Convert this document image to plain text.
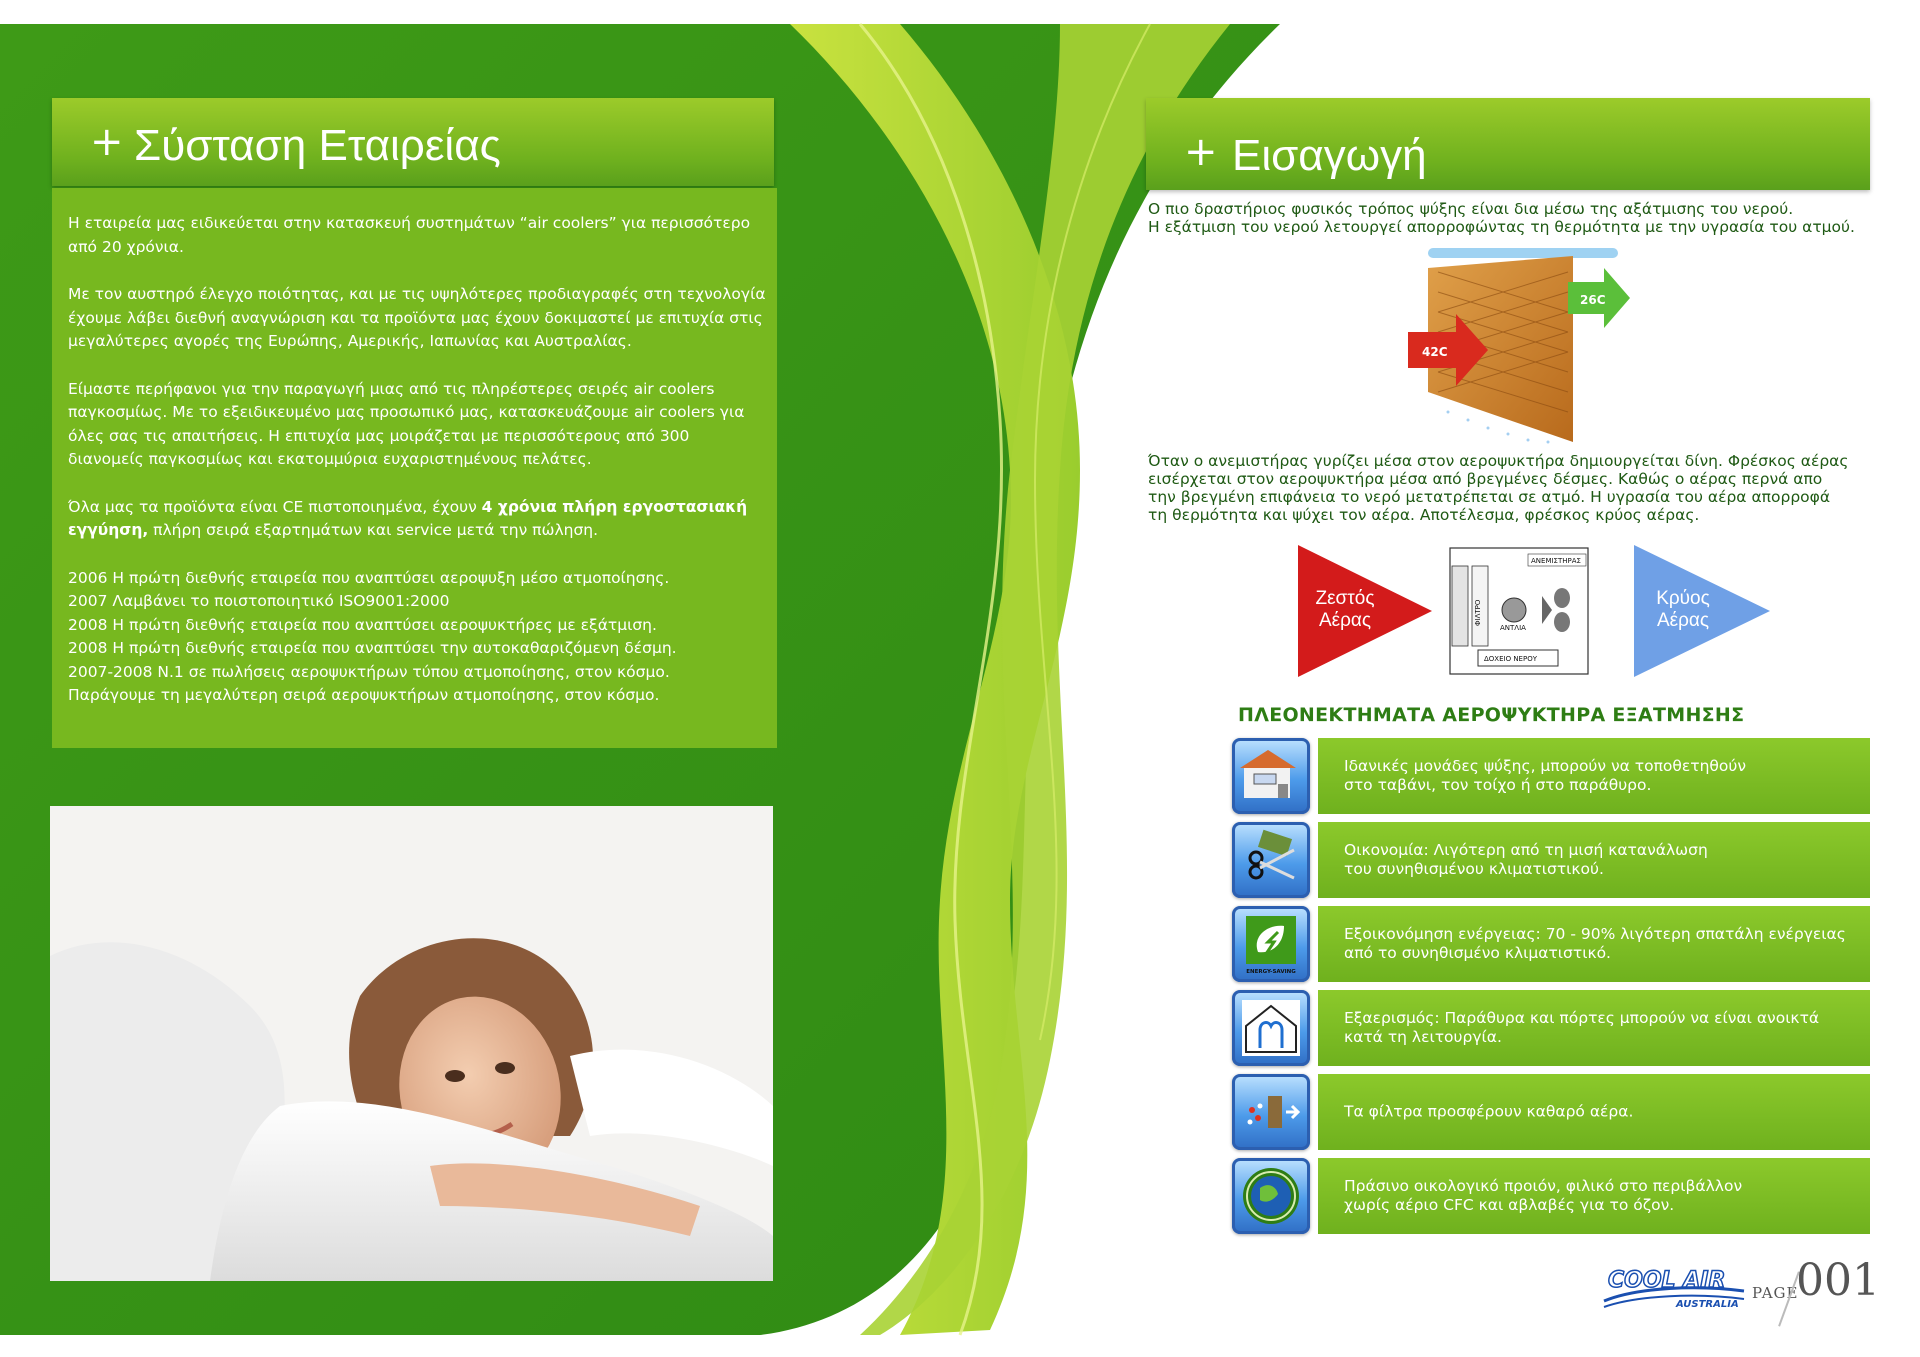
+ Σύσταση Εταιρείας

Η εταιρεία μας ειδικεύεται στην κατασκευή συστημάτων “air coolers” για περισσότερο από 20 χρόνια.

Με τον αυστηρό έλεγχο ποιότητας, και με τις υψηλότερες προδιαγραφές στη τεχνολογία έχουμε λάβει διεθνή αναγνώριση και τα προϊόντα μας έχουν δοκιμαστεί με επιτυχία στις μεγαλύτερες αγορές της Ευρώπης, Αμερικής, Ιαπωνίας και Αυστραλίας.

Είμαστε περήφανοι για την παραγωγή μιας από τις πληρέστερες σειρές air coolers παγκοσμίως. Με το εξειδικευμένο μας προσωπικό μας, κατασκευάζουμε air coolers για όλες σας τις απαιτήσεις. Η επιτυχία μας μοιράζεται με περισσότερους από 300 διανομείς παγκοσμίως και εκατομμύρια ευχαριστημένους πελάτες.

Όλα μας τα προϊόντα είναι CE πιστοποιημένα, έχουν 4 χρόνια πλήρη εργοστασιακή εγγύηση, πλήρη σειρά εξαρτημάτων και service μετά την πώληση.

2006 Η πρώτη διεθνής εταιρεία που αναπτύσει αεροψυξη μέσο ατμοποίησης.

2007 Λαμβάνει το ποιστοποιητικό ISO9001:2000

2008 Η πρώτη διεθνής εταιρεία που αναπτύσει αεροψυκτήρες με εξάτμιση.

2008 Η πρώτη διεθνής εταιρεία που αναπτύσει την αυτοκαθαριζόμενη δέσμη.

2007-2008 Ν.1 σε πωλήσεις αεροψυκτήρων τύπου ατμοποίησης, στον κόσμο.

Παράγουμε τη μεγαλύτερη σειρά αεροψυκτήρων ατμοποίησης, στον κόσμο.

+ Εισαγωγή
Ο πιο δραστήριος φυσικός τρόπος ψύξης είναι δια μέσω της αξάτμισης του νερού.
Η εξάτμιση του νερού λετουργεί απορροφώντας τη θερμότητα με την υγρασία του ατμού.
42C
26C
Όταν ο ανεμιστήρας γυρίζει μέσα στον αεροψυκτήρα δημιουργείται δίνη. Φρέσκος αέρας
εισέρχεται στον αεροψυκτήρα μέσα από βρεγμένες δέσμες. Καθώς ο αέρας περνά απο
την βρεγμένη επιφάνεια το νερό μετατρέπεται σε ατμό. Η υγρασία του αέρα απορροφά
τη θερμότητα και ψύχει τον αέρα. Αποτέλεσμα, φρέσκος κρύος αέρας.
Ζεστός
Αέρας
ΑΝΕΜΙΣΤΗΡΑΣ
ΑΝΤΛΙΑ
ΦΙΛΤΡΟ
ΔΟΧΕΙΟ ΝΕΡΟΥ
Κρύος
Αέρας
ΠΛΕΟΝΕΚΤΗΜΑΤΑ ΑΕΡΟΨΥΚΤΗΡΑ ΕΞΑΤΜΗΣΗΣ
Ιδανικές μονάδες ψύξης, μπορούν να τοποθετηθούν
στο ταβάνι, τον τοίχο ή στο παράθυρο.
Οικονομία: Λιγότερη από τη μισή κατανάλωση
του συνηθισμένου κλιματιστικού.
ENERGY-SAVING
Εξοικονόμηση ενέργειας: 70 - 90% λιγότερη σπατάλη ενέργειας
από το συνηθισμένο κλιματιστικό.
Εξαερισμός: Παράθυρα και πόρτες μπορούν να είναι ανοικτά
κατά τη λειτουργία.
Τα φίλτρα προσφέρουν καθαρό αέρα.
Πράσινο οικολογικό προιόν, φιλικό στο περιβάλλον
χωρίς αέριο CFC και αβλαβές για το όζον.
COOL AIR
AUSTRALIA
PAGE
001
